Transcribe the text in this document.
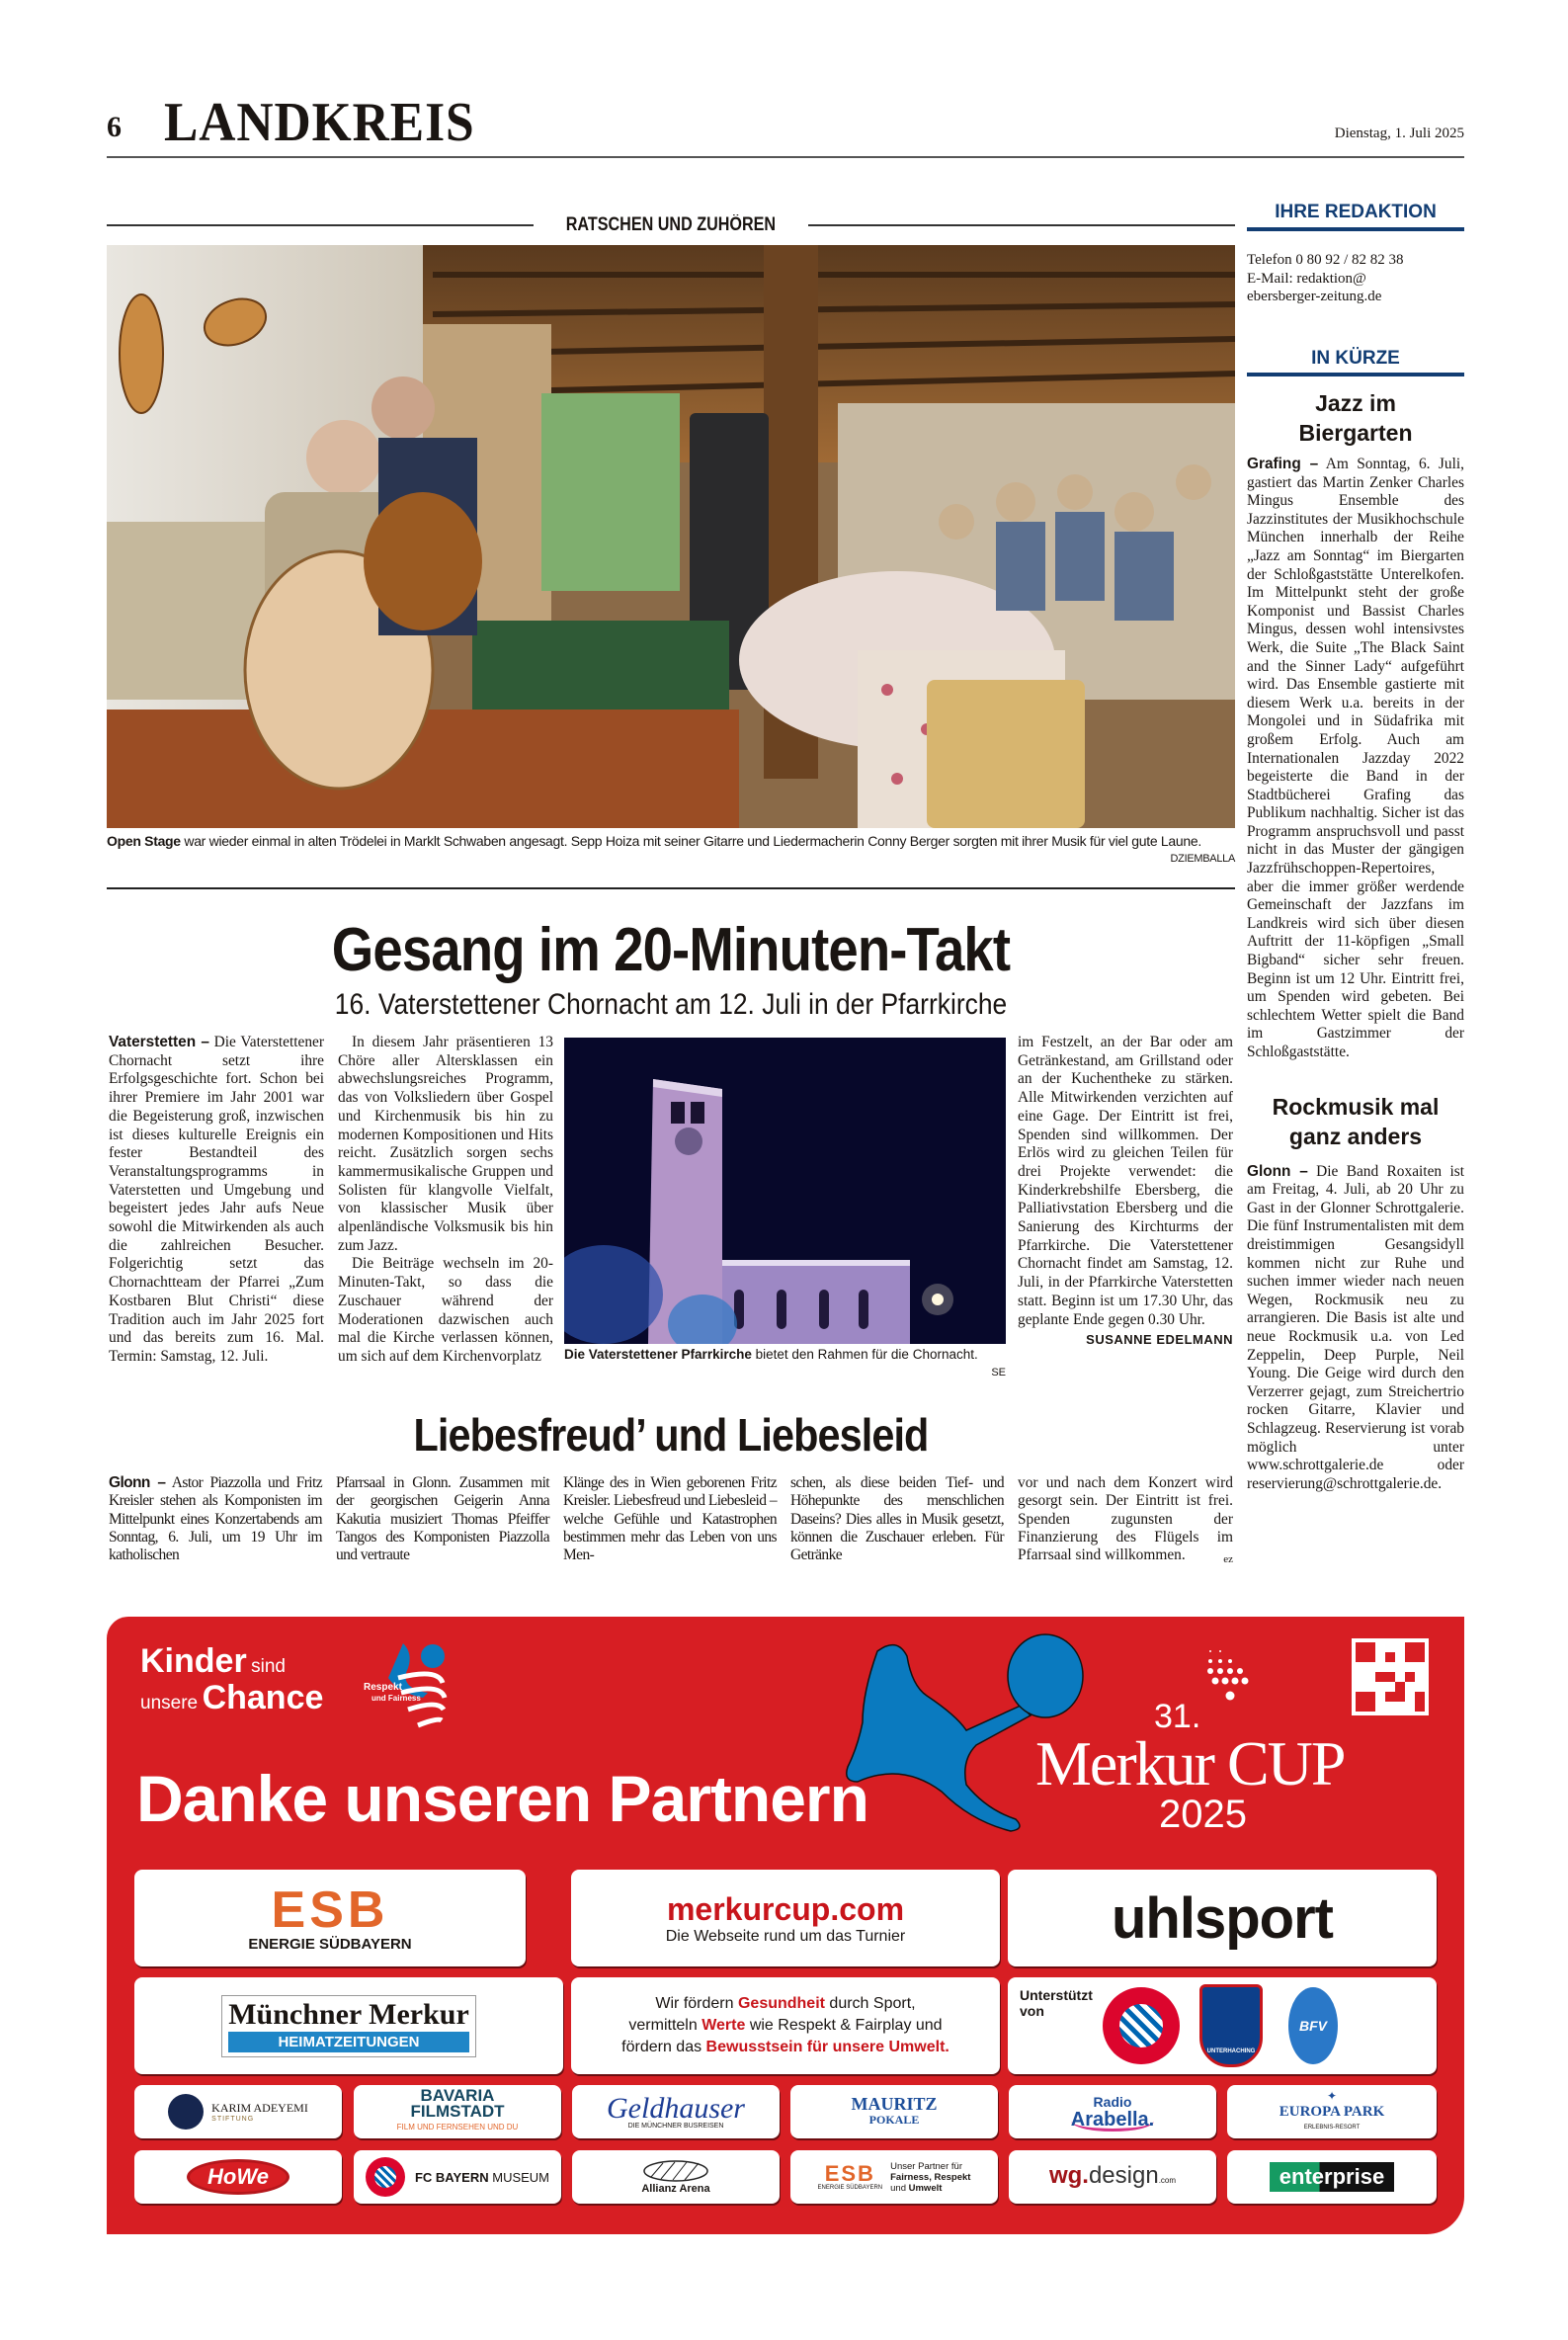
6 LANDKREIS	Dienstag, 1. Juli 2025
RATSCHEN UND ZUHÖREN
Open Stage war wieder einmal in alten Trödelei in Marklt Schwaben angesagt. Sepp Hoiza mit seiner Gitarre und Liedermacherin Conny Berger sorgten mit ihrer Musik für viel gute Laune.
DZIEMBALLA
Gesang im 20-Minuten-Takt
16. Vaterstettener Chornacht am 12. Juli in der Pfarrkirche

Vaterstetten – Die Vaterstettener Chornacht setzt ihre Erfolgsgeschichte fort. Schon bei ihrer Premiere im Jahr 2001 war die Begeisterung groß, inzwischen ist dieses kulturelle Ereignis ein fester Bestandteil des Veranstaltungsprogramms in Vaterstetten und Umgebung und begeistert jedes Jahr aufs Neue sowohl die Mitwirkenden als auch die zahlreichen Besucher. Folgerichtig setzt das Chornachtteam der Pfarrei „Zum Kostbaren Blut Christi“ diese Tradition auch im Jahr 2025 fort und das bereits zum 16. Mal. Termin: Samstag, 12. Juli.

In diesem Jahr präsentieren 13 Chöre aller Altersklassen ein abwechslungsreiches Programm, das von Volksliedern über Gospel und Kirchenmusik bis hin zu modernen Kompositionen und Hits reicht. Zusätzlich sorgen sechs kammermusikalische Gruppen und Solisten für klangvolle Vielfalt, von klassischer Musik über alpenländische Volksmusik bis hin zum Jazz.

Die Beiträge wechseln im 20-Minuten-Takt, so dass die Zuschauer während der Moderationen dazwischen auch mal die Kirche verlassen können, um sich auf dem Kirchenvorplatz	Die Vaterstettener Pfarrkirche bietet den Rahmen für die Chornacht.
SE

im Festzelt, an der Bar oder am Getränkestand, am Grillstand oder an der Kuchentheke zu stärken. Alle Mitwirkenden verzichten auf eine Gage. Der Eintritt ist frei, Spenden sind willkommen. Der Erlös wird zu gleichen Teilen für drei Projekte verwendet: die Kinderkrebshilfe Ebersberg, die Palliativstation Ebersberg und die Sanierung des Kirchturms der Pfarrkirche. Die Vaterstettener Chornacht findet am Samstag, 12. Juli, in der Pfarrkirche Vaterstetten statt. Beginn ist um 17.30 Uhr, das geplante Ende gegen 0.30 Uhr.

SUSANNE EDELMANN
Liebesfreud’ und Liebesleid
Glonn – Astor Piazzolla und Fritz Kreisler stehen als Komponisten im Mittelpunkt eines Konzertabends am Sonntag, 6. Juli, um 19 Uhr im katholischen
Pfarrsaal in Glonn. Zusammen mit der georgischen Geigerin Anna Kakutia musiziert Thomas Pfeiffer Tangos des Komponisten Piazzolla und vertraute
Klänge des in Wien geborenen Fritz Kreisler. Liebesfreud und Liebesleid – welche Gefühle und Katastrophen bestimmen mehr das Leben von uns Men-
schen, als diese beiden Tief- und Höhepunkte des menschlichen Daseins? Dies alles in Musik gesetzt, können die Zuschauer erleben. Für Getränke
vor und nach dem Konzert wird gesorgt sein. Der Eintritt ist frei. Spenden zugunsten der Finanzierung des Flügels im Pfarrsaal sind willkommen.	ez
IHRE REDAKTION
Telefon 0 80 92 / 82 82 38
E-Mail: redaktion@
ebersberger-zeitung.de
IN KÜRZE
Jazz im Biergarten
Grafing – Am Sonntag, 6. Juli, gastiert das Martin Zenker Charles Mingus Ensemble des Jazzinstitutes der Musikhochschule München innerhalb der Reihe „Jazz am Sonntag“ im Biergarten der Schloßgaststätte Unterelkofen. Im Mittelpunkt steht der große Komponist und Bassist Charles Mingus, dessen wohl intensivstes Werk, die Suite „The Black Saint and the Sinner Lady“ aufgeführt wird. Das Ensemble gastierte mit diesem Werk u.a. bereits in der Mongolei und in Südafrika mit großem Erfolg. Auch am Internationalen Jazzday 2022 begeisterte die Band in der Stadtbücherei Grafing das Publikum nachhaltig. Sicher ist das Programm anspruchsvoll und passt nicht in das Muster der gängigen Jazzfrühschoppen-Repertoires, aber die immer größer werdende Gemeinschaft der Jazzfans im Landkreis wird sich über diesen Auftritt der 11-köpfigen „Small Bigband“ sicher sehr freuen. Beginn ist um 12 Uhr. Eintritt frei, um Spenden wird gebeten. Bei schlechtem Wetter spielt die Band im Gastzimmer der Schloßgaststätte.
Rockmusik mal ganz anders
Glonn – Die Band Roxaiten ist am Freitag, 4. Juli, ab 20 Uhr zu Gast in der Glonner Schrottgalerie. Die fünf Instrumentalisten mit dem dreistimmigen Gesangsidyll kommen nicht zur Ruhe und suchen immer wieder nach neuen Wegen, Rockmusik neu zu arrangieren. Die Basis ist alte und neue Rockmusik u.a. von Led Zeppelin, Deep Purple, Neil Young. Die Geige wird durch den Verzerrer gejagt, zum Streichertrio rocken Gitarre, Klavier und Schlagzeug. Reservierung ist vorab möglich unter www.schrottgalerie.de oder reservierung@schrottgalerie.de.
Kinder sind
unsere Chance	Respekt
und Fairness
Danke unseren Partnern
31.
Merkur CUP
2025
ESB
ENERGIE SÜDBAYERN
merkurcup.com
Die Webseite rund um das Turnier	uhlsport
Münchner Merkur
HEIMATZEITUNGEN
Wir fördern Gesundheit durch Sport,
vermitteln Werte wie Respekt & Fairplay und
fördern das Bewusstsein für unsere Umwelt.
Unterstützt von
UNTERHACHING
BFV
KARIM ADEYEMI
STIFTUNG
BAVARIA
FILMSTADT
FILM UND FERNSEHEN UND DU
Geldhauser
DIE MÜNCHNER BUSREISEN
MAURITZ
POKALE
Radio
Arabella.
✦
EUROPA PARK
ERLEBNIS-RESORT
HoWe	FC BAYERN MUSEUM
Allianz Arena
ESB
ENERGIE SÜDBAYERN
Unser Partner für
Fairness, Respekt
und Umwelt	wg. design$_{.com}$	enterprise
